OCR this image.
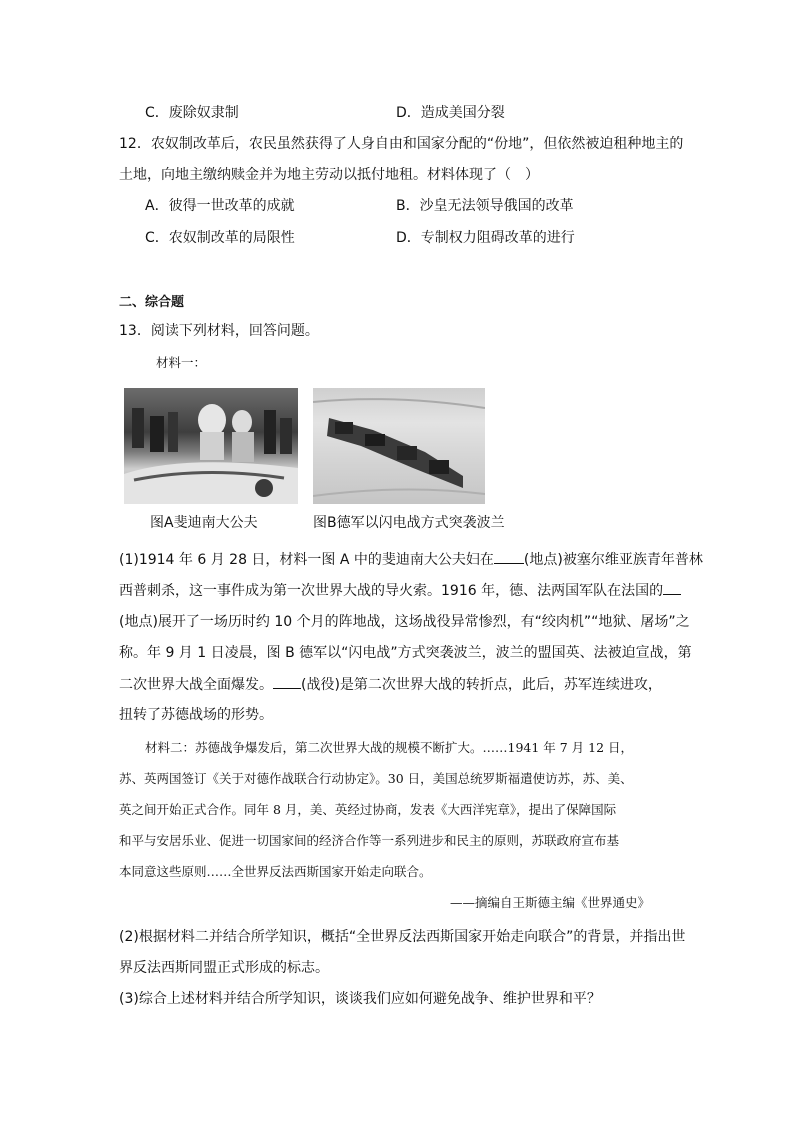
C．废除奴隶制	D．造成美国分裂
12．农奴制改革后，农民虽然获得了人身自由和国家分配的“份地”，但依然被迫租种地主的
土地，向地主缴纳赎金并为地主劳动以抵付地租。材料体现了（　）
A．彼得一世改革的成就	B．沙皇无法领导俄国的改革
C．农奴制改革的局限性	D．专制权力阻碍改革的进行
二、综合题
13．阅读下列材料，回答问题。
材料一：
图A斐迪南大公夫	图B德军以闪电战方式突袭波兰
(1)1914 年 6 月 28 日，材料一图 A 中的斐迪南大公夫妇在 (地点)被塞尔维亚族青年普林
西普刺杀，这一事件成为第一次世界大战的导火索。1916 年，德、法两国军队在法国的
(地点)展开了一场历时约 10 个月的阵地战，这场战役异常惨烈，有“绞肉机”“地狱、屠场”之
称。年 9 月 1 日凌晨，图 B 德军以“闪电战”方式突袭波兰，波兰的盟国英、法被迫宣战，第
二次世界大战全面爆发。 (战役)是第二次世界大战的转折点，此后，苏军连续进攻，
扭转了苏德战场的形势。
材料二：苏德战争爆发后，第二次世界大战的规模不断扩大。……1941 年 7 月 12 日，
苏、英两国签订《关于对德作战联合行动协定》。30 日，美国总统罗斯福遣使访苏，苏、美、
英之间开始正式合作。同年 8 月，美、英经过协商，发表《大西洋宪章》，提出了保障国际
和平与安居乐业、促进一切国家间的经济合作等一系列进步和民主的原则，苏联政府宣布基
本同意这些原则……全世界反法西斯国家开始走向联合。
——摘编自王斯德主编《世界通史》
(2)根据材料二并结合所学知识，概括“全世界反法西斯国家开始走向联合”的背景，并指出世
界反法西斯同盟正式形成的标志。
(3)综合上述材料并结合所学知识，谈谈我们应如何避免战争、维护世界和平？
